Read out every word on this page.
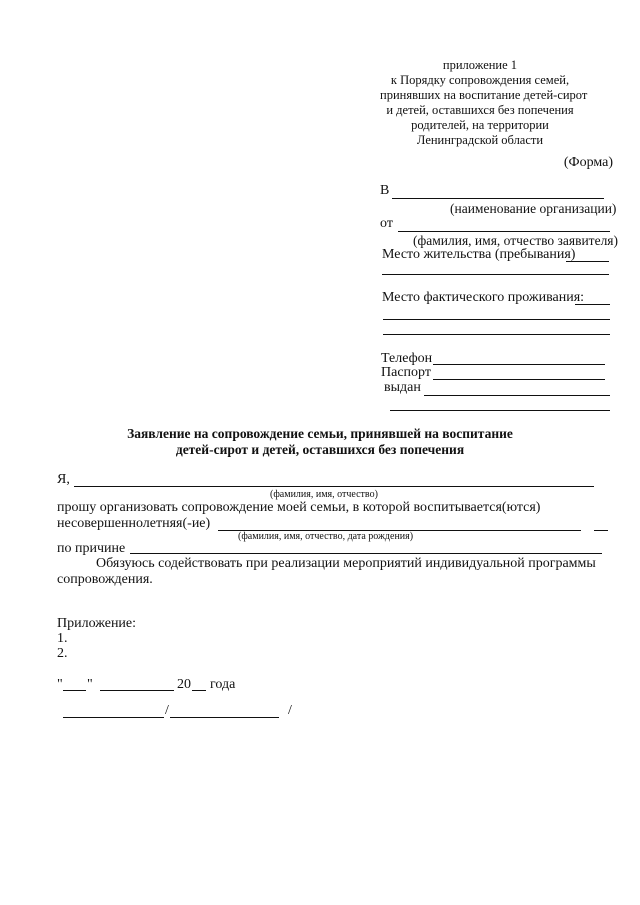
приложение 1
к Порядку сопровождения семей,
принявших на воспитание детей-сирот
и детей, оставшихся без попечения
родителей, на территории
Ленинградской области
(Форма)
В
(наименование организации)
от
(фамилия, имя, отчество заявителя)
Место жительства (пребывания)
Место фактического проживания:
Телефон
Паспорт
выдан
Заявление на сопровождение семьи, принявшей на воспитание
детей-сирот и детей, оставшихся без попечения
Я,
(фамилия, имя, отчество)
прошу организовать сопровождение моей семьи, в которой воспитывается(ются)
несовершеннолетняя(-ие)
(фамилия, имя, отчество, дата рождения)
по причине
Обязуюсь содействовать при реализации мероприятий индивидуальной программы
сопровождения.
Приложение:
1.
2.
" "	20 года
/	/
